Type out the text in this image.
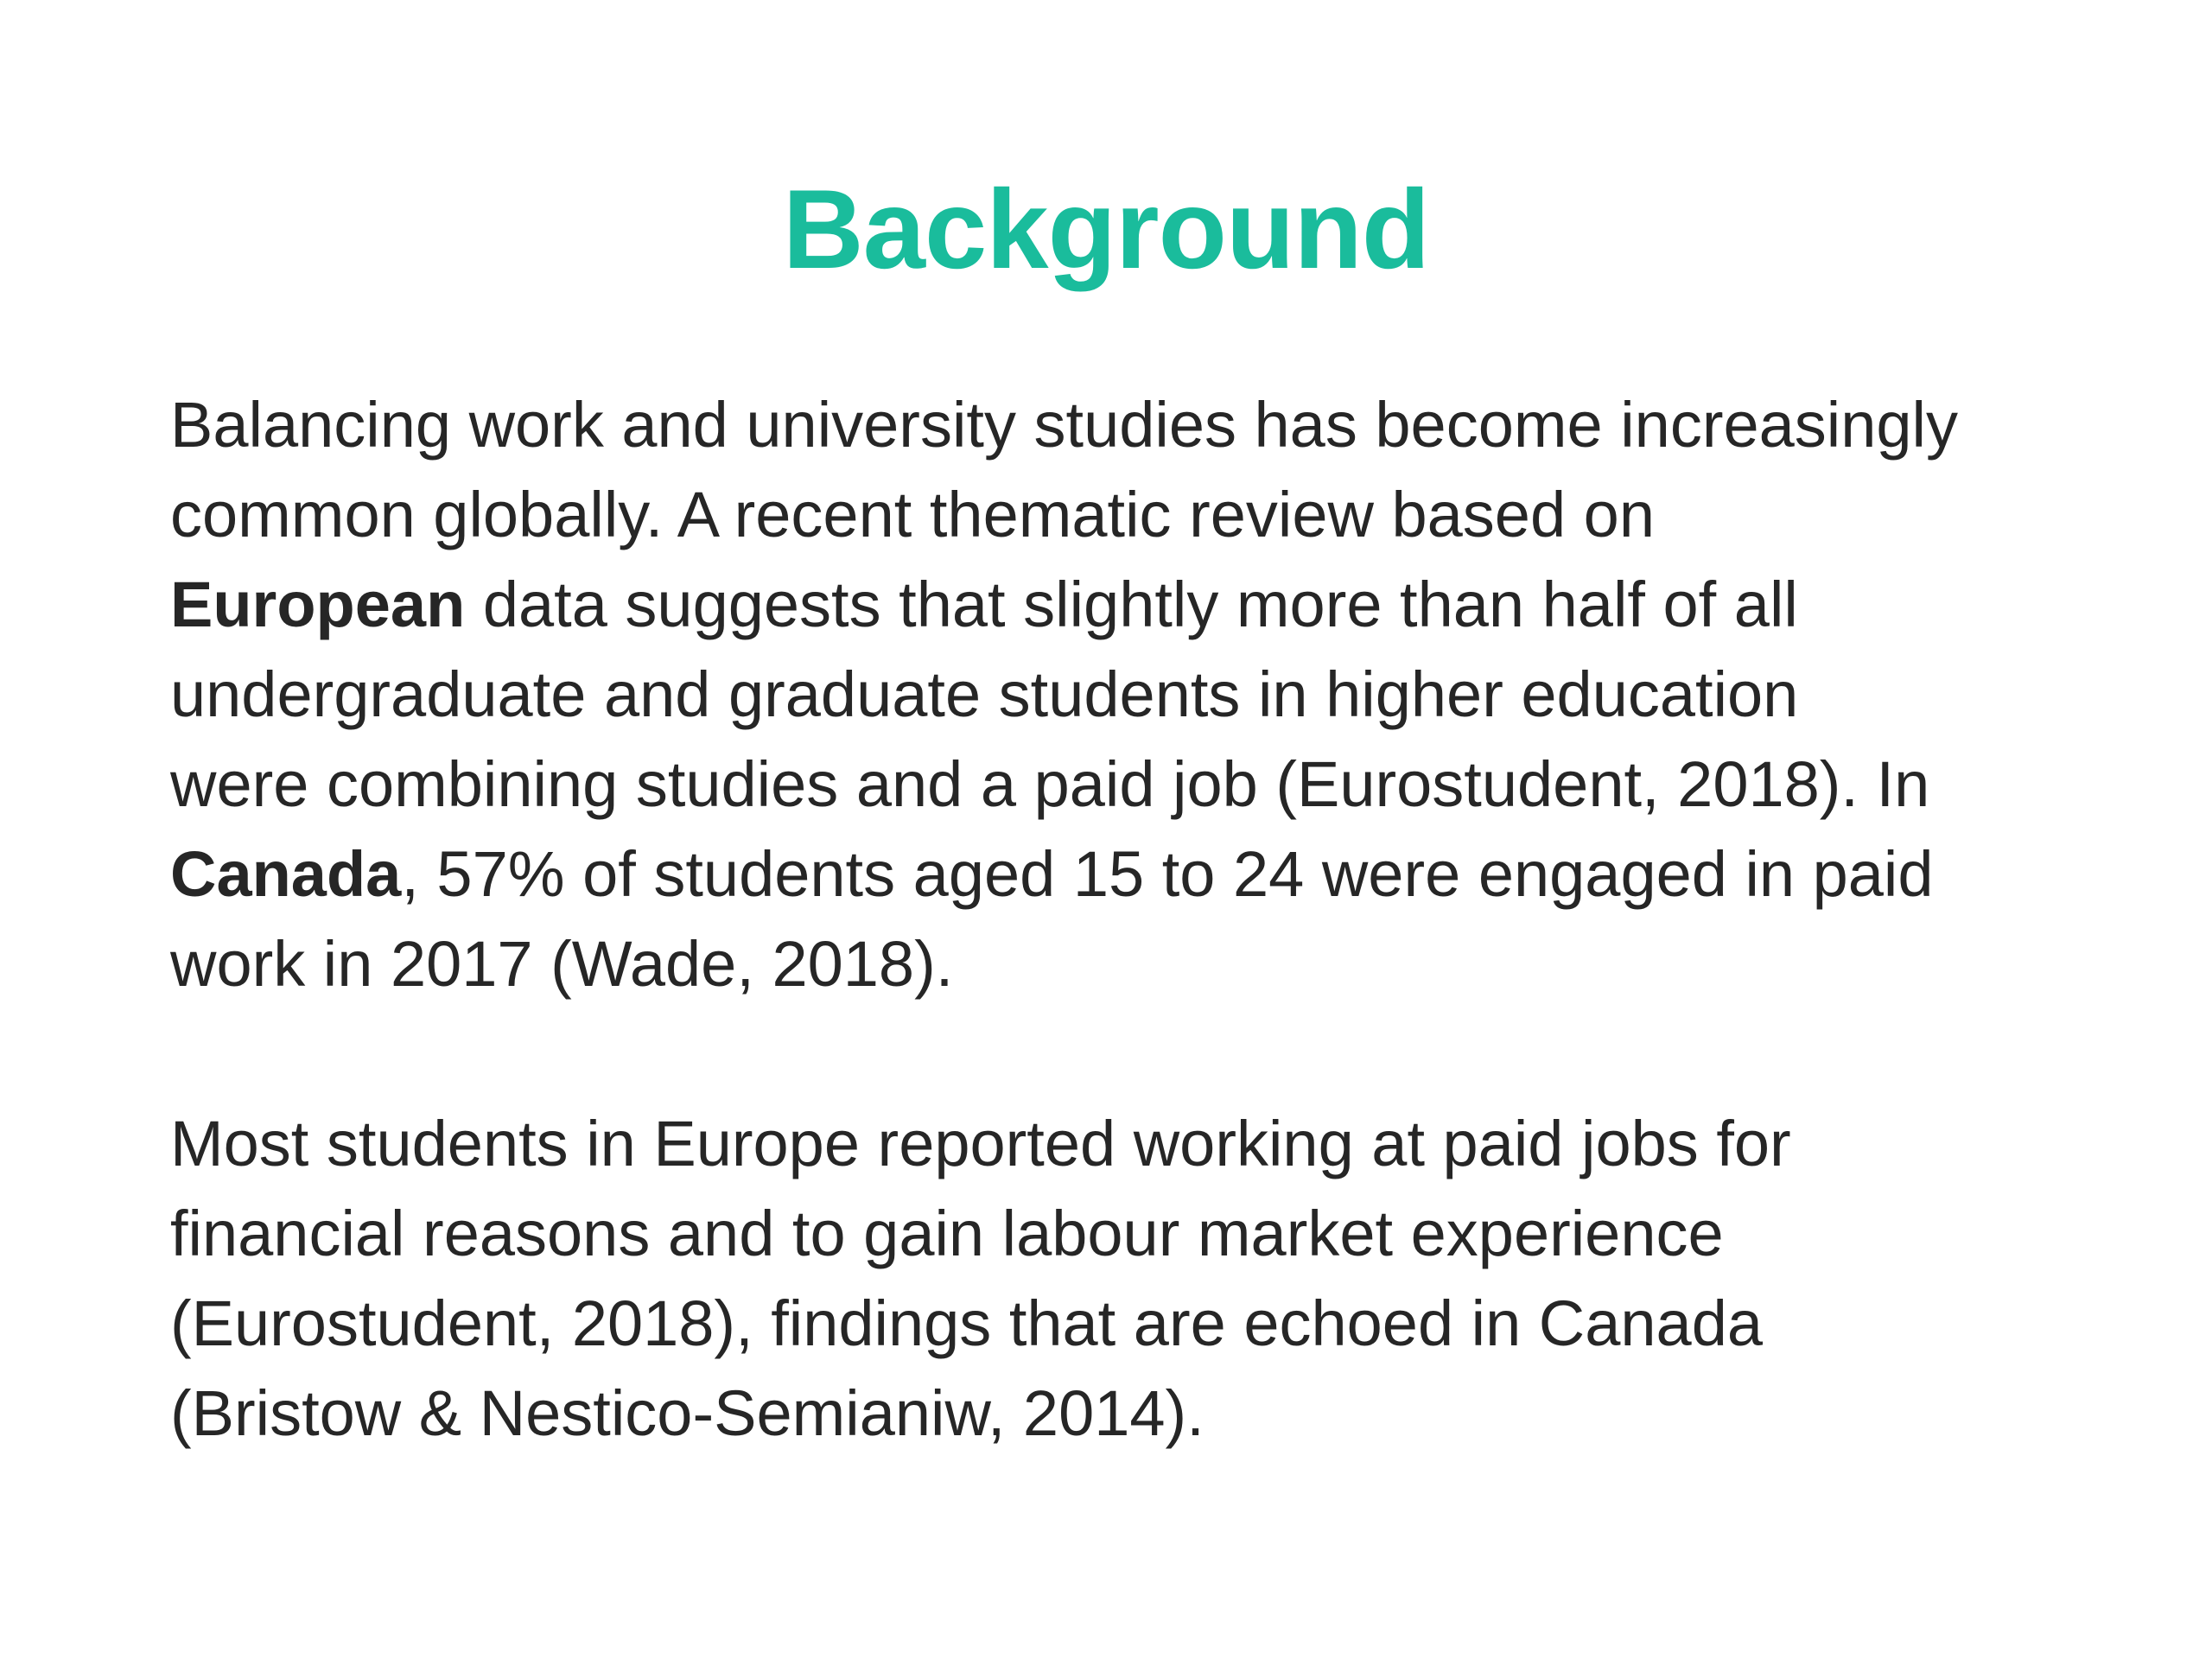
Background

Balancing work and university studies has become increasingly
common globally. A recent thematic review based on
European data suggests that slightly more than half of all
undergraduate and graduate students in higher education
were combining studies and a paid job (Eurostudent, 2018). In
Canada, 57% of students aged 15 to 24 were engaged in paid
work in 2017 (Wade, 2018).

Most students in Europe reported working at paid jobs for
financial reasons and to gain labour market experience
(Eurostudent, 2018), findings that are echoed in Canada
(Bristow & Nestico-Semianiw, 2014).
